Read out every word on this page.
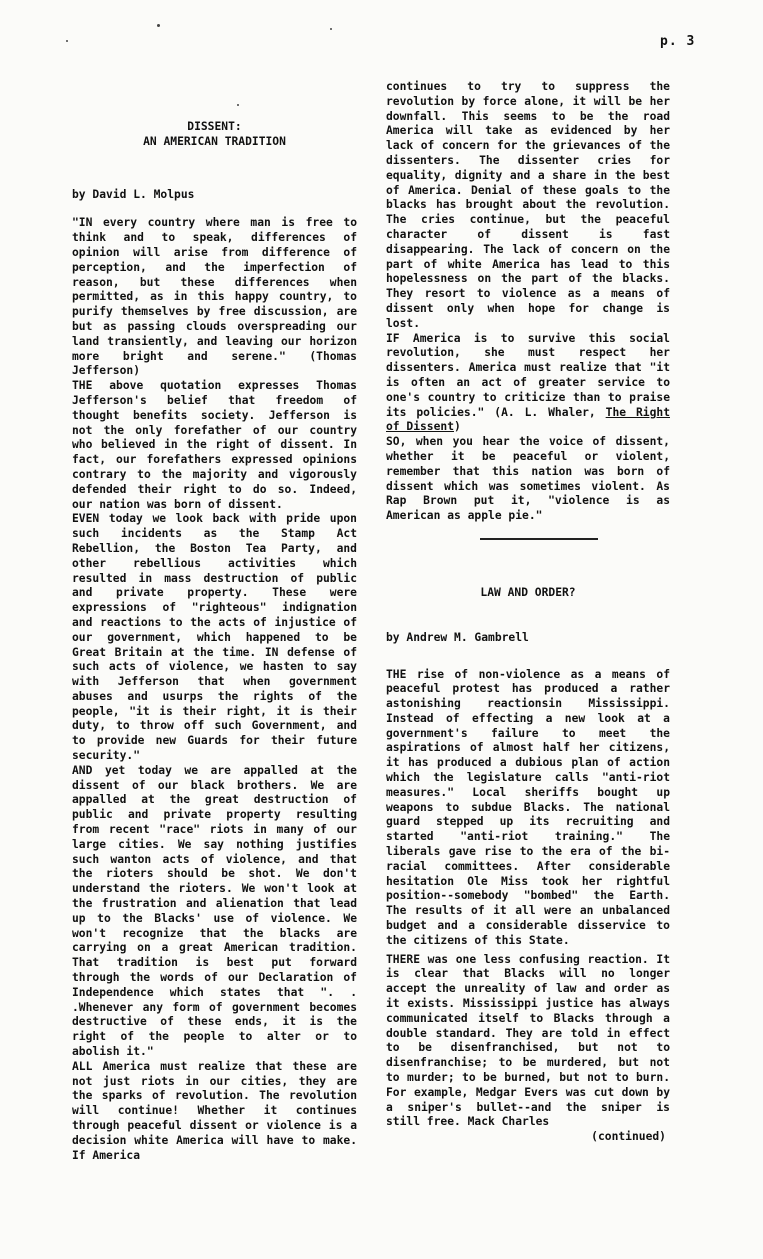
p. 3
DISSENT:
AN AMERICAN TRADITION

by David L. Molpus

"IN every country where man is free to think and to speak, differences of opinion will arise from difference of perception, and the imperfection of reason, but these differences when permitted, as in this happy country, to purify themselves by free discussion, are but as passing clouds overspreading our land transiently, and leaving our horizon more bright and serene." (Thomas Jefferson)

THE above quotation expresses Thomas Jefferson's belief that freedom of thought benefits society. Jefferson is not the only forefather of our country who believed in the right of dissent. In fact, our forefathers expressed opinions contrary to the majority and vigorously defended their right to do so. Indeed, our nation was born of dissent.

EVEN today we look back with pride upon such incidents as the Stamp Act Rebellion, the Boston Tea Party, and other rebellious activities which resulted in mass destruction of public and private property. These were expressions of "righteous" indignation and reactions to the acts of injustice of our government, which happened to be Great Britain at the time. IN defense of such acts of violence, we hasten to say with Jefferson that when government abuses and usurps the rights of the people, "it is their right, it is their duty, to throw off such Government, and to provide new Guards for their future security."

AND yet today we are appalled at the dissent of our black brothers. We are appalled at the great destruction of public and private property resulting from recent "race" riots in many of our large cities. We say nothing justifies such wanton acts of violence, and that the rioters should be shot. We don't understand the rioters. We won't look at the frustration and alienation that lead up to the Blacks' use of violence. We won't recognize that the blacks are carrying on a great American tradition. That tradition is best put forward through the words of our Declaration of Independence which states that ". . .Whenever any form of government becomes destructive of these ends, it is the right of the people to alter or to abolish it."

ALL America must realize that these are not just riots in our cities, they are the sparks of revolution. The revolution will continue! Whether it continues through peaceful dissent or violence is a decision white America will have to make. If America

continues to try to suppress the revolution by force alone, it will be her downfall. This seems to be the road America will take as evidenced by her lack of concern for the grievances of the dissenters. The dissenter cries for equality, dignity and a share in the best of America. Denial of these goals to the blacks has brought about the revolution. The cries continue, but the peaceful character of dissent is fast disappearing. The lack of concern on the part of white America has lead to this hopelessness on the part of the blacks. They resort to violence as a means of dissent only when hope for change is lost.

IF America is to survive this social revolution, she must respect her dissenters. America must realize that "it is often an act of greater service to one's country to criticize than to praise its policies." (A. L. Whaler, The Right of Dissent)

SO, when you hear the voice of dissent, whether it be peaceful or violent, remember that this nation was born of dissent which was sometimes violent. As Rap Brown put it, "violence is as American as apple pie."

LAW AND ORDER?

by Andrew M. Gambrell

THE rise of non-violence as a means of peaceful protest has produced a rather astonishing reactionsin Mississippi. Instead of effecting a new look at a government's failure to meet the aspirations of almost half her citizens, it has produced a dubious plan of action which the legislature calls "anti-riot measures." Local sheriffs bought up weapons to subdue Blacks. The national guard stepped up its recruiting and started "anti-riot training." The liberals gave rise to the era of the bi-racial committees. After considerable hesitation Ole Miss took her rightful position--somebody "bombed" the Earth. The results of it all were an unbalanced budget and a considerable disservice to the citizens of this State.

THERE was one less confusing reaction. It is clear that Blacks will no longer accept the unreality of law and order as it exists. Mississippi justice has always communicated itself to Blacks through a double standard. They are told in effect to be disenfranchised, but not to disenfranchise; to be murdered, but not to murder; to be burned, but not to burn. For example, Medgar Evers was cut down by a sniper's bullet--and the sniper is still free. Mack Charles

(continued)
